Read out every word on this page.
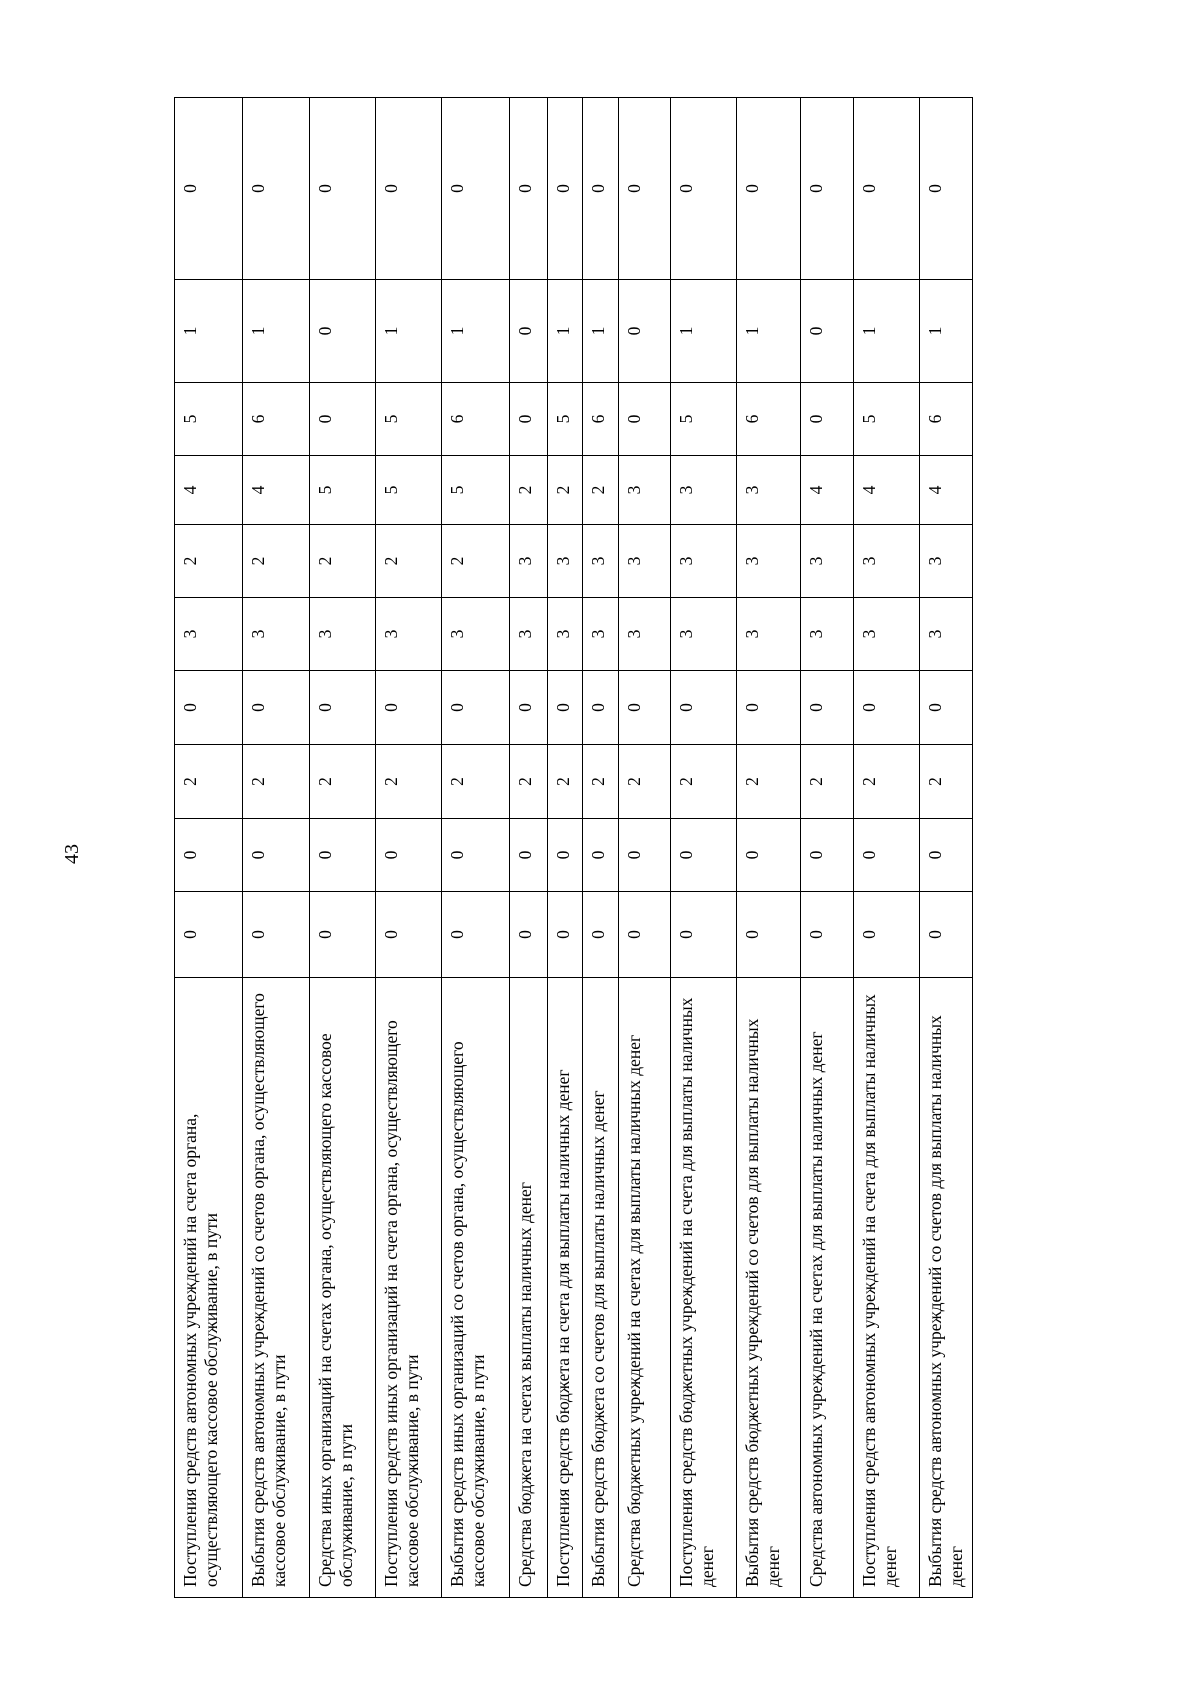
43
Поступления средств автономных учреждений на счета органа, осуществляющего кассовое обслуживание, в пути	0	0	2	0	3	2	4	5	1	0
Выбытия средств автономных учреждений со счетов органа, осуществляющего кассовое обслуживание, в пути	0	0	2	0	3	2	4	6	1	0
Средства иных организаций на счетах органа, осуществляющего кассовое обслуживание, в пути	0	0	2	0	3	2	5	0	0	0
Поступления средств иных организаций на счета органа, осуществляющего кассовое обслуживание, в пути	0	0	2	0	3	2	5	5	1	0
Выбытия средств иных организаций со счетов органа, осуществляющего кассовое обслуживание, в пути	0	0	2	0	3	2	5	6	1	0
Средства бюджета на счетах выплаты наличных денег	0	0	2	0	3	3	2	0	0	0
Поступления средств бюджета на счета для выплаты наличных денег	0	0	2	0	3	3	2	5	1	0
Выбытия средств бюджета со счетов для выплаты наличных денег	0	0	2	0	3	3	2	6	1	0
Средства бюджетных учреждений на счетах для выплаты наличных денег	0	0	2	0	3	3	3	0	0	0
Поступления средств бюджетных учреждений на счета для выплаты наличных денег	0	0	2	0	3	3	3	5	1	0
Выбытия средств бюджетных учреждений со счетов для выплаты наличных денег	0	0	2	0	3	3	3	6	1	0
Средства автономных учреждений на счетах для выплаты наличных денег	0	0	2	0	3	3	4	0	0	0
Поступления средств автономных учреждений на счета для выплаты наличных денег	0	0	2	0	3	3	4	5	1	0
Выбытия средств автономных учреждений со счетов для выплаты наличных денег	0	0	2	0	3	3	4	6	1	0
